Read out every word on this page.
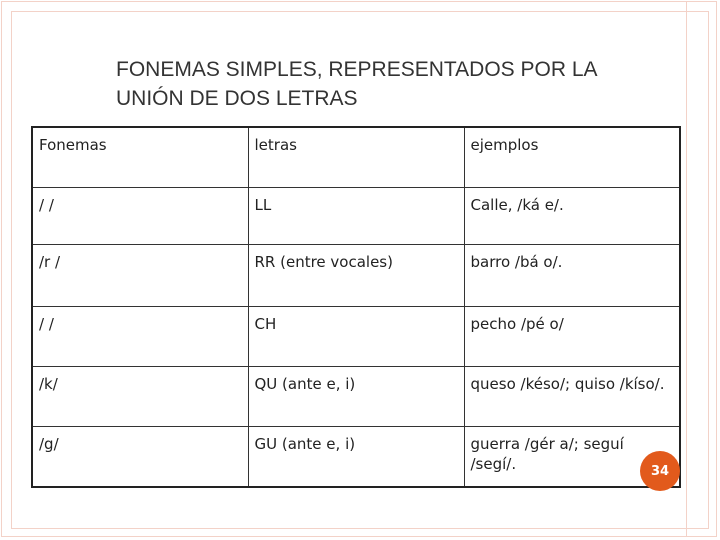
FONEMAS SIMPLES, REPRESENTADOS POR LA
UNIÓN DE DOS LETRAS
Fonemas	letras	ejemplos
/ /	LL	Calle, /ká e/.
/r /	RR (entre vocales)	barro /bá o/.
/ /	CH	pecho /pé o/
/k/	QU (ante e, i)	queso /késo/; quiso /kíso/.
/g/	GU (ante e, i)	guerra /gér a/; seguí /segí/.	34
